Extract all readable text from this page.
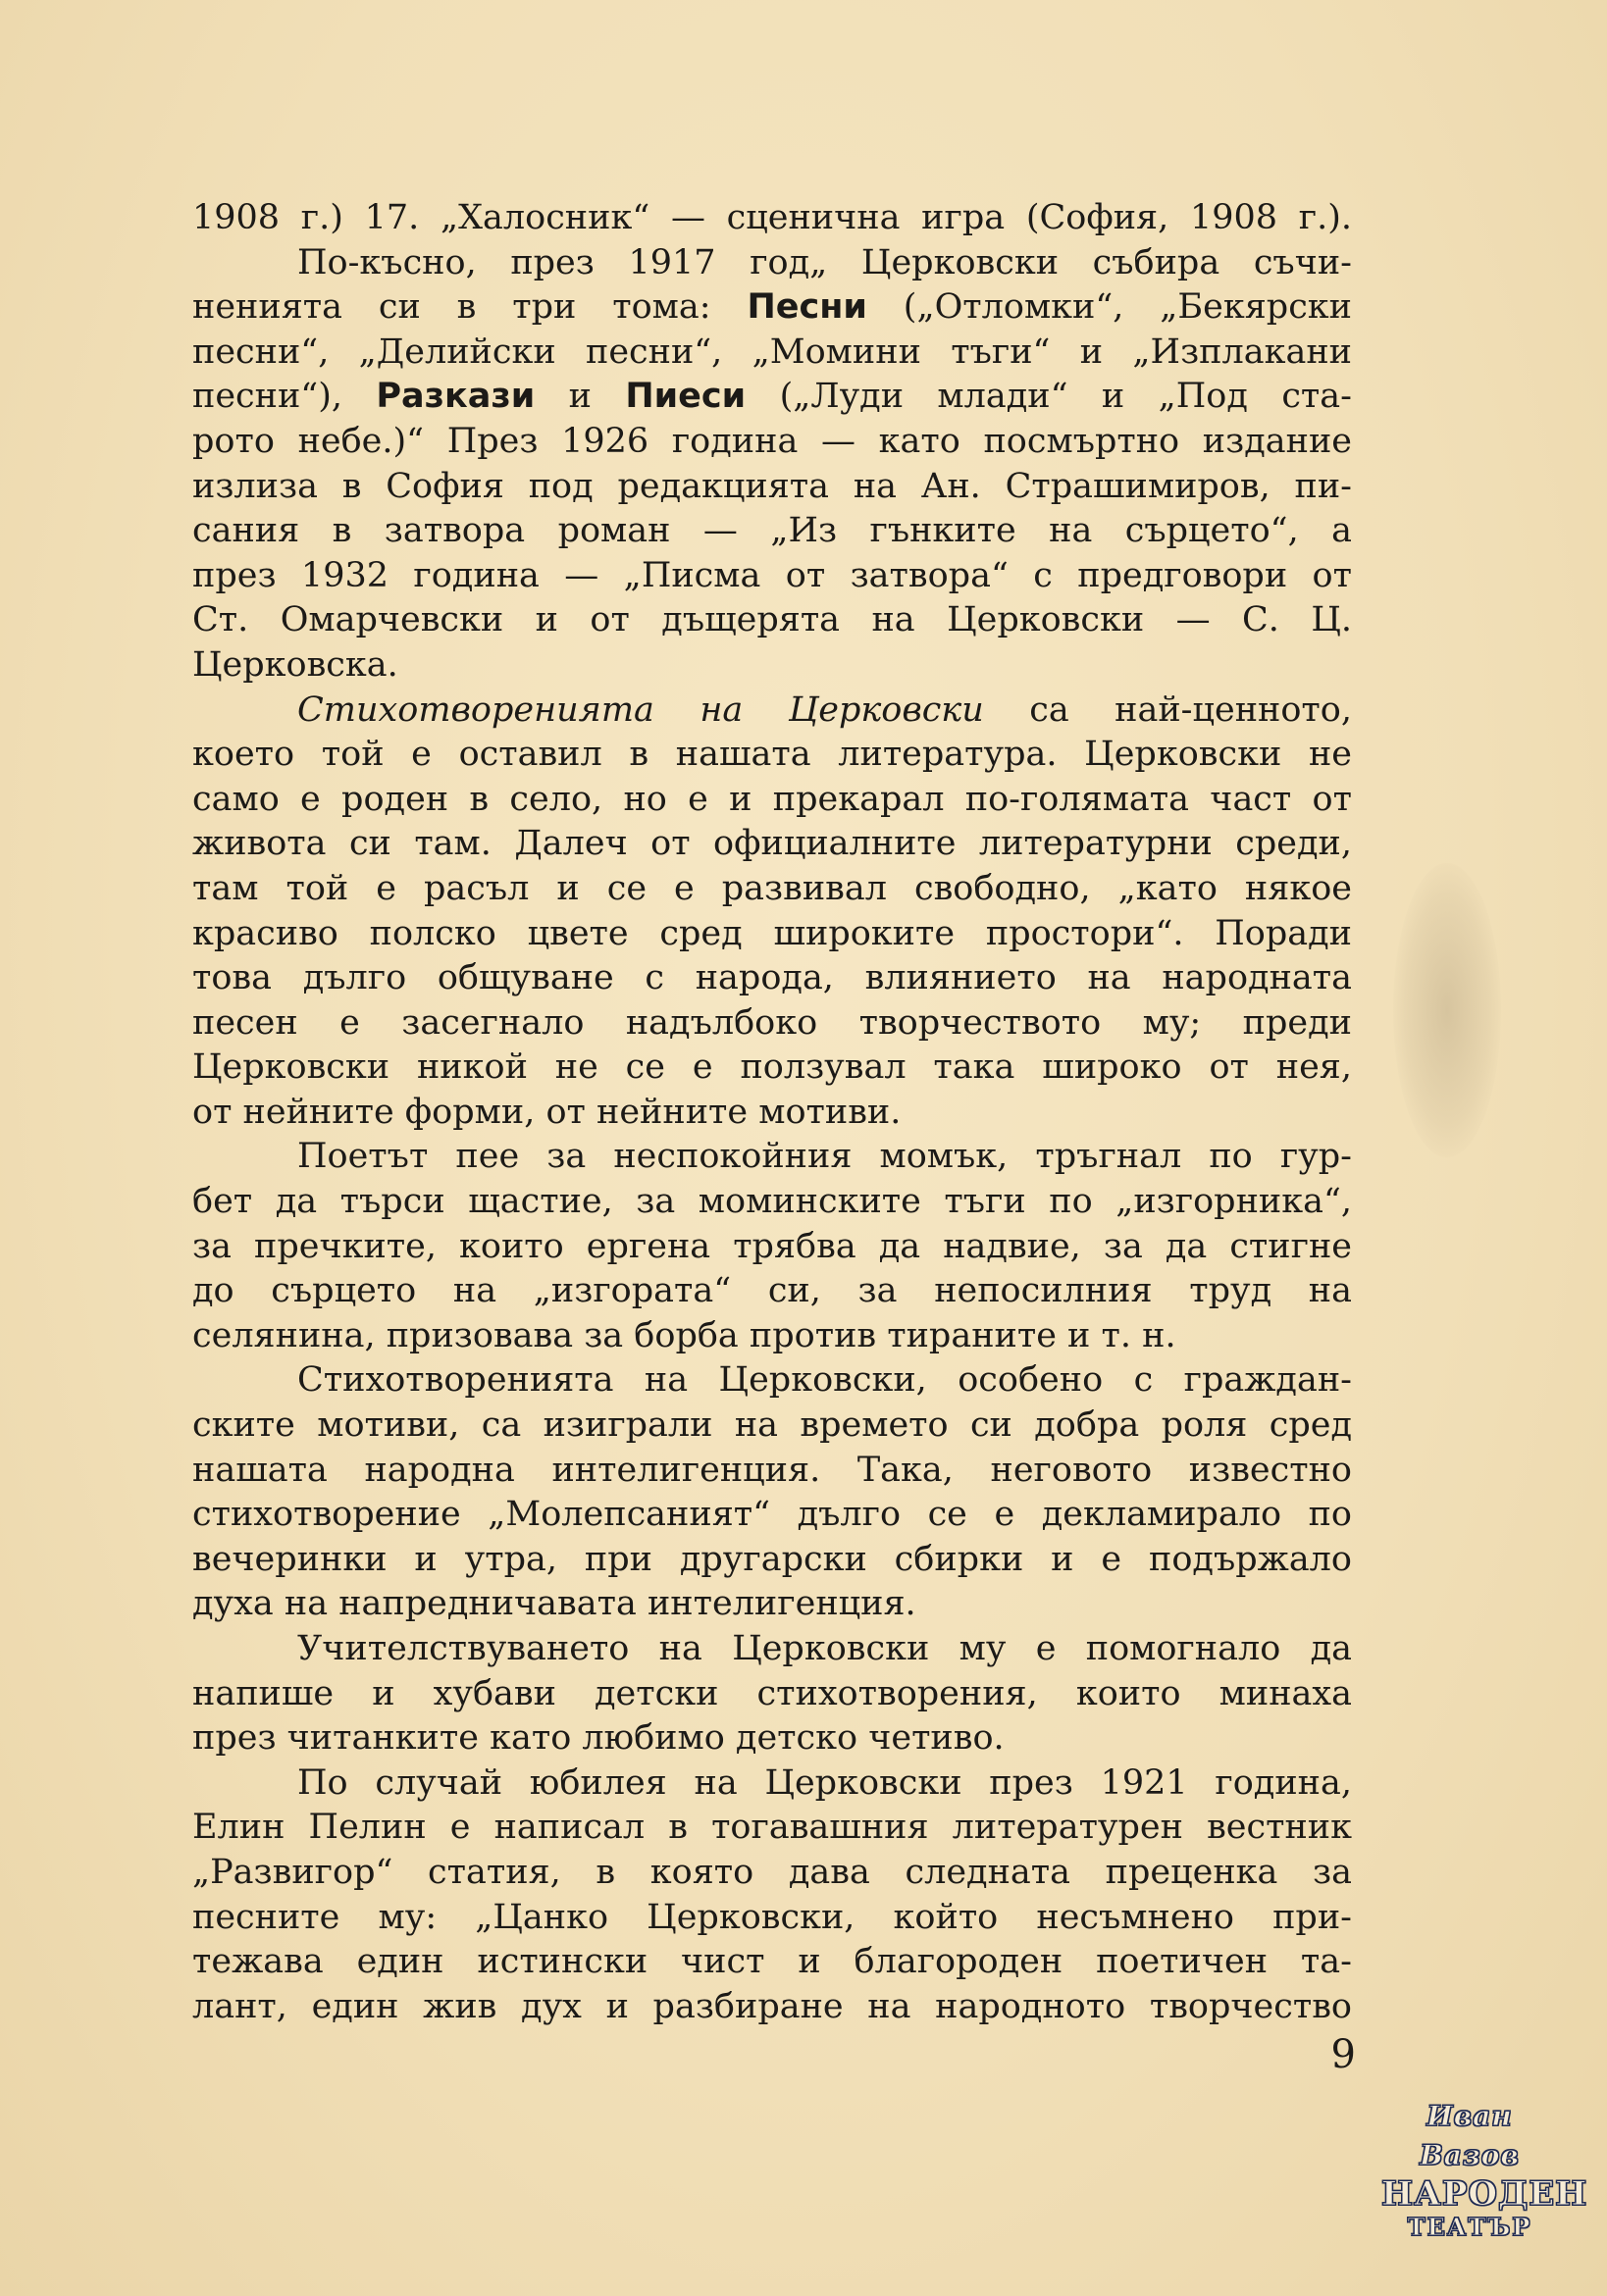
1908 г.) 17. „Халосник“ — сценична игра (София, 1908 г.).
По-късно, през 1917 год„ Церковски събира съчи-
ненията си в три тома: Песни („Отломки“, „Бекярски
песни“, „Делийски песни“, „Момини тъги“ и „Изплакани
песни“), Разкази и Пиеси („Луди млади“ и „Под ста-
рото небе.)“ През 1926 година — като посмъртно издание
излиза в София под редакцията на Ан. Страшимиров, пи-
сания в затвора роман — „Из гънките на сърцето“, а
през 1932 година — „Писма от затвора“ с предговори от
Ст. Омарчевски и от дъщерята на Церковски — С. Ц.
Церковска.
Стихотворенията на Церковски са най-ценното,
което той е оставил в нашата литература. Церковски не
само е роден в село, но е и прекарал по-голямата част от
живота си там. Далеч от официалните литературни среди,
там той е расъл и се е развивал свободно, „като някое
красиво полско цвете сред широките простори“. Поради
това дълго общуване с народа, влиянието на народната
песен е засегнало надълбоко творчеството му; преди
Церковски никой не се е ползувал така широко от нея,
от нейните форми, от нейните мотиви.
Поетът пее за неспокойния момък, тръгнал по гур-
бет да търси щастие, за моминските тъги по „изгорника“,
за пречките, които ергена трябва да надвие, за да стигне
до сърцето на „изгората“ си, за непосилния труд на
селянина, призовава за борба против тираните и т. н.
Стихотворенията на Церковски, особено с граждан-
ските мотиви, са изиграли на времето си добра роля сред
нашата народна интелигенция. Така, неговото известно
стихотворение „Молепсаният“ дълго се е декламирало по
вечеринки и утра, при другарски сбирки и е подържало
духа на напредничавата интелигенция.
Учителствуването на Церковски му е помогнало да
напише и хубави детски стихотворения, които минаха
през читанките като любимо детско четиво.
По случай юбилея на Церковски през 1921 година,
Елин Пелин е написал в тогавашния литературен вестник
„Развигор“ статия, в която дава следната преценка за
песните му: „Цанко Церковски, който несъмнено при-
тежава един истински чист и благороден поетичен та-
лант, един жив дух и разбиране на народното творчество
9
Иван Вазов
НАРОДЕН
ТЕАТЪР
